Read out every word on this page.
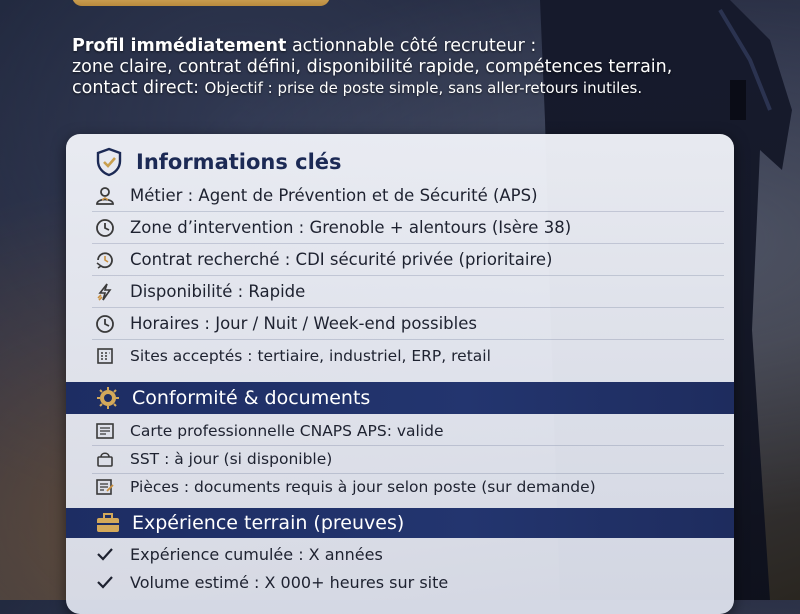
Profil immédiatement actionnable côté recruteur :
zone claire, contrat défini, disponibilité rapide, compétences terrain,
contact direct: Objectif : prise de poste simple, sans aller-retours inutiles.
Informations clés
Métier : Agent de Prévention et de Sécurité (APS)
Zone d’intervention : Grenoble + alentours (Isère 38)
Contrat recherché : CDI sécurité privée (prioritaire)
Disponibilité : Rapide
Horaires : Jour / Nuit / Week-end possibles
Sites acceptés : tertiaire, industriel, ERP, retail
Conformité & documents
Carte professionnelle CNAPS APS: valide
SST : à jour (si disponible)
Pièces : documents requis à jour selon poste (sur demande)
Expérience terrain (preuves)
Expérience cumulée : X années
Volume estimé : X 000+ heures sur site
